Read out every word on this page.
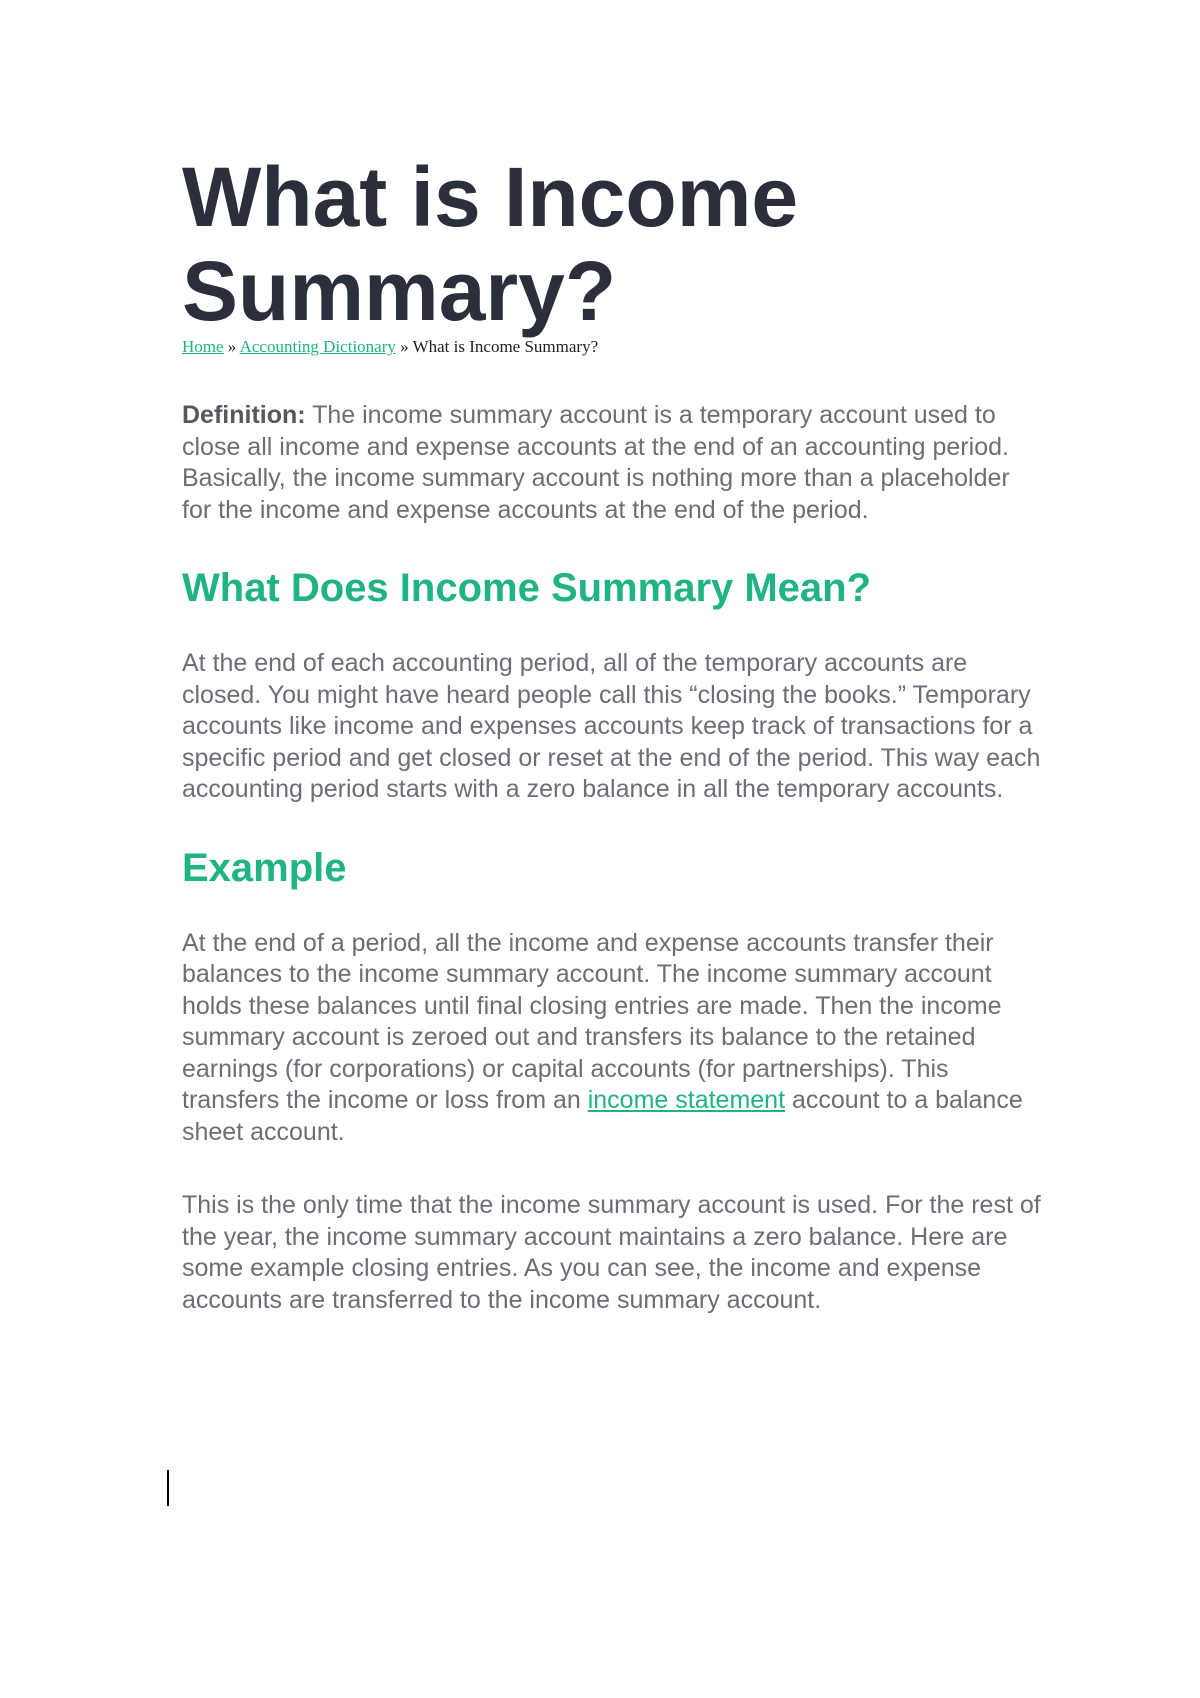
What is Income Summary?
Home » Accounting Dictionary » What is Income Summary?

Definition: The income summary account is a temporary account used to close all income and expense accounts at the end of an accounting period. Basically, the income summary account is nothing more than a placeholder for the income and expense accounts at the end of the period.

What Does Income Summary Mean?

At the end of each accounting period, all of the temporary accounts are closed. You might have heard people call this “closing the books.” Temporary accounts like income and expenses accounts keep track of transactions for a specific period and get closed or reset at the end of the period. This way each accounting period starts with a zero balance in all the temporary accounts.

Example

At the end of a period, all the income and expense accounts transfer their balances to the income summary account. The income summary account holds these balances until final closing entries are made. Then the income summary account is zeroed out and transfers its balance to the retained earnings (for corporations) or capital accounts (for partnerships). This transfers the income or loss from an income statement account to a balance sheet account.

This is the only time that the income summary account is used. For the rest of the year, the income summary account maintains a zero balance. Here are some example closing entries. As you can see, the income and expense accounts are transferred to the income summary account.
